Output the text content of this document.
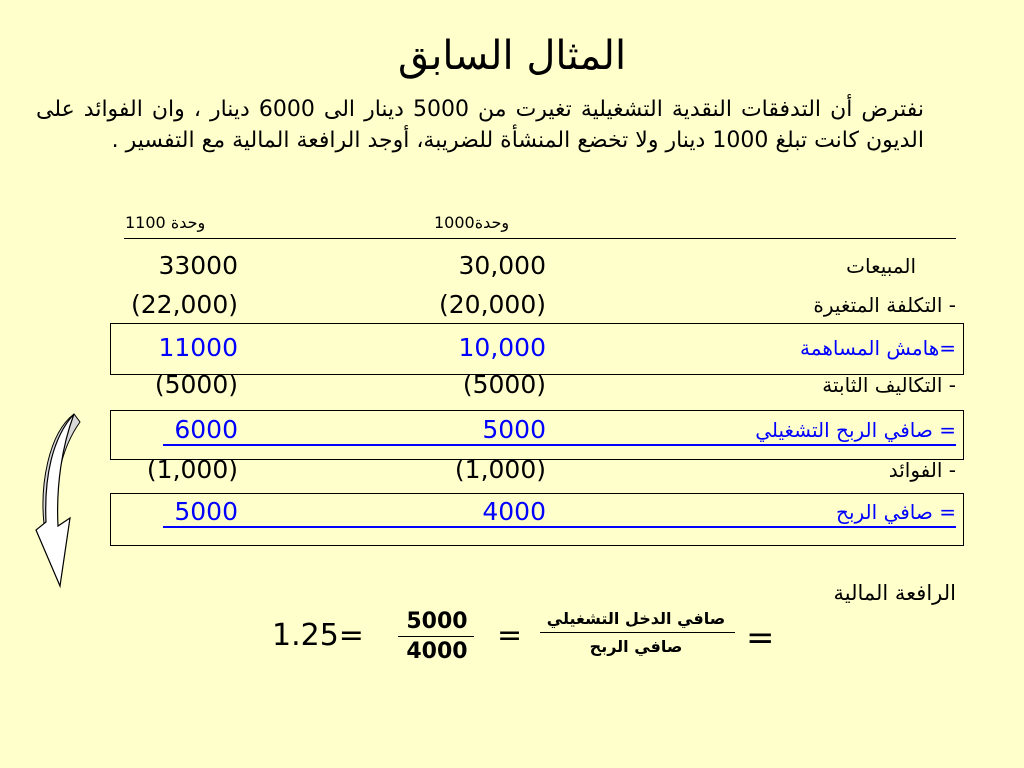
المثال السابق
نفترض أن التدفقات النقدية التشغيلية تغيرت من 5000 دينار الى 6000 دينار ، وان الفوائد على الديون كانت تبلغ 1000 دينار ولا تخضع المنشأة للضريبة، أوجد الرافعة المالية مع التفسير .
1100 وحدة	1000وحدة
المبيعات
30,000
33000
- التكلفة المتغيرة
(20,000)
(22,000)
=هامش المساهمة
10,000
11000
- التكاليف الثابتة
(5000)
(5000)
= صافي الربح التشغيلي
5000
6000
- الفوائد
(1,000)
(1,000)
= صافي الربح
4000
5000
الرافعة المالية
=
صافي الدخل التشغيلي
صافي الربح
=
5000
4000
1.25=
